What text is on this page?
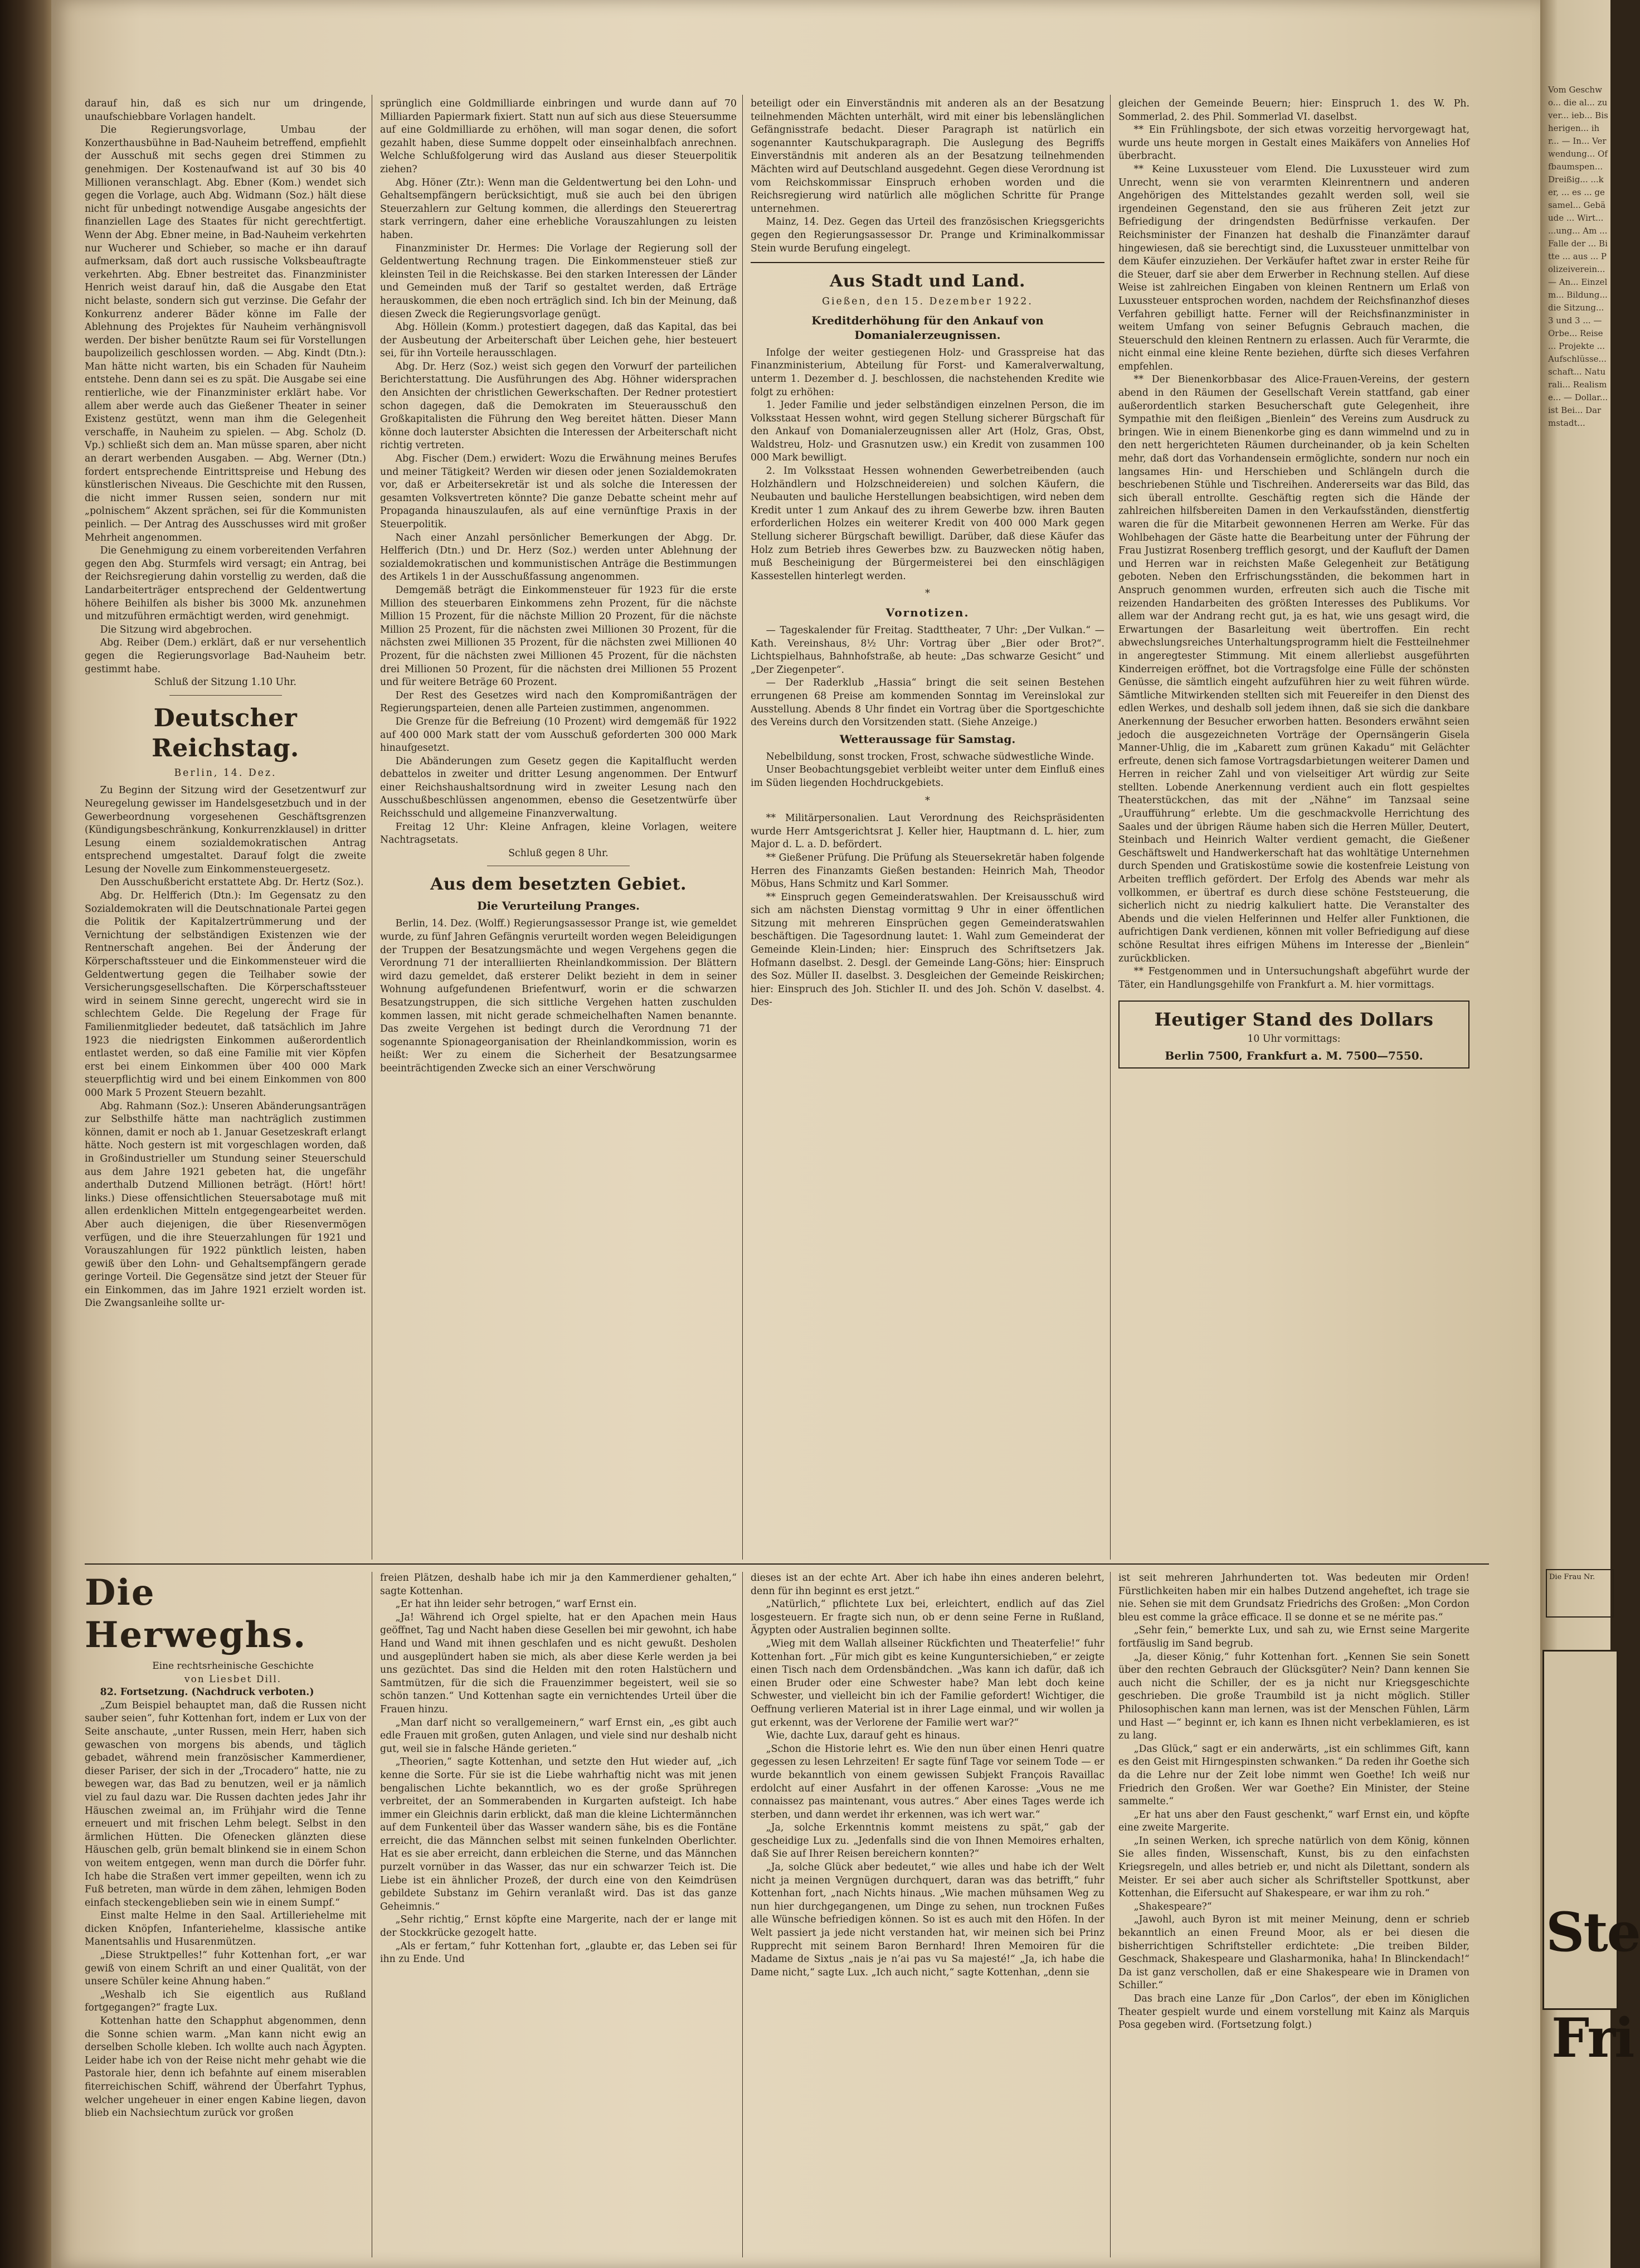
darauf hin, daß es sich nur um dringende, unaufschiebbare Vorlagen handelt.

Die Regierungsvorlage, Umbau der Konzerthausbühne in Bad-Nauheim betreffend, empfiehlt der Ausschuß mit sechs gegen drei Stimmen zu genehmigen. Der Kostenaufwand ist auf 30 bis 40 Millionen veranschlagt. Abg. Ebner (Kom.) wendet sich gegen die Vorlage, auch Abg. Widmann (Soz.) hält diese nicht für unbedingt notwendige Ausgabe angesichts der finanziellen Lage des Staates für nicht gerechtfertigt. Wenn der Abg. Ebner meine, in Bad-Nauheim verkehrten nur Wucherer und Schieber, so mache er ihn darauf aufmerksam, daß dort auch russische Volksbeauftragte verkehrten. Abg. Ebner bestreitet das. Finanzminister Henrich weist darauf hin, daß die Ausgabe den Etat nicht belaste, sondern sich gut verzinse. Die Gefahr der Konkurrenz anderer Bäder könne im Falle der Ablehnung des Projektes für Nauheim verhängnisvoll werden. Der bisher benützte Raum sei für Vorstellungen baupolizeilich geschlossen worden. — Abg. Kindt (Dtn.): Man hätte nicht warten, bis ein Schaden für Nauheim entstehe. Denn dann sei es zu spät. Die Ausgabe sei eine rentierliche, wie der Finanzminister erklärt habe. Vor allem aber werde auch das Gießener Theater in seiner Existenz gestützt, wenn man ihm die Gelegenheit verschaffe, in Nauheim zu spielen. — Abg. Scholz (D. Vp.) schließt sich dem an. Man müsse sparen, aber nicht an derart werbenden Ausgaben. — Abg. Werner (Dtn.) fordert entsprechende Eintrittspreise und Hebung des künstlerischen Niveaus. Die Geschichte mit den Russen, die nicht immer Russen seien, sondern nur mit „polnischem“ Akzent sprächen, sei für die Kommunisten peinlich. — Der Antrag des Ausschusses wird mit großer Mehrheit angenommen.

Die Genehmigung zu einem vorbereitenden Verfahren gegen den Abg. Sturmfels wird versagt; ein Antrag, bei der Reichsregierung dahin vorstellig zu werden, daß die Landarbeiterträger entsprechend der Geldentwertung höhere Beihilfen als bisher bis 3000 Mk. anzunehmen und mitzuführen ermächtigt werden, wird genehmigt.

Die Sitzung wird abgebrochen.

Abg. Reiber (Dem.) erklärt, daß er nur versehentlich gegen die Regierungsvorlage Bad-Nauheim betr. gestimmt habe.

Schluß der Sitzung 1.10 Uhr.

Deutscher Reichstag.
Berlin, 14. Dez.

Zu Beginn der Sitzung wird der Gesetzentwurf zur Neuregelung gewisser im Handelsgesetzbuch und in der Gewerbeordnung vorgesehenen Geschäftsgrenzen (Kündigungsbeschränkung, Konkurrenzklausel) in dritter Lesung einem sozialdemokratischen Antrag entsprechend umgestaltet. Darauf folgt die zweite Lesung der Novelle zum Einkommensteuergesetz.

Den Ausschußbericht erstattete Abg. Dr. Hertz (Soz.).

Abg. Dr. Helfferich (Dtn.): Im Gegensatz zu den Sozialdemokraten will die Deutschnationale Partei gegen die Politik der Kapitalzertrümmerung und der Vernichtung der selbständigen Existenzen wie der Rentnerschaft angehen. Bei der Änderung der Körperschaftssteuer und die Einkommensteuer wird die Geldentwertung gegen die Teilhaber sowie der Versicherungsgesellschaften. Die Körperschaftssteuer wird in seinem Sinne gerecht, ungerecht wird sie in schlechtem Gelde. Die Regelung der Frage für Familienmitglieder bedeutet, daß tatsächlich im Jahre 1923 die niedrigsten Einkommen außerordentlich entlastet werden, so daß eine Familie mit vier Köpfen erst bei einem Einkommen über 400 000 Mark steuerpflichtig wird und bei einem Einkommen von 800 000 Mark 5 Prozent Steuern bezahlt.

Abg. Rahmann (Soz.): Unseren Abänderungsanträgen zur Selbsthilfe hätte man nachträglich zustimmen können, damit er noch ab 1. Januar Gesetzeskraft erlangt hätte. Noch gestern ist mit vorgeschlagen worden, daß in Großindustrieller um Stundung seiner Steuerschuld aus dem Jahre 1921 gebeten hat, die ungefähr anderthalb Dutzend Millionen beträgt. (Hört! hört! links.) Diese offensichtlichen Steuersabotage muß mit allen erdenklichen Mitteln entgegengearbeitet werden. Aber auch diejenigen, die über Riesenvermögen verfügen, und die ihre Steuerzahlungen für 1921 und Vorauszahlungen für 1922 pünktlich leisten, haben gewiß über den Lohn- und Gehaltsempfängern gerade geringe Vorteil. Die Gegensätze sind jetzt der Steuer für ein Einkommen, das im Jahre 1921 erzielt worden ist. Die Zwangsanleihe sollte ur-

sprünglich eine Goldmilliarde einbringen und wurde dann auf 70 Milliarden Papiermark fixiert. Statt nun auf sich aus diese Steuersumme auf eine Goldmilliarde zu erhöhen, will man sogar denen, die sofort gezahlt haben, diese Summe doppelt oder einseinhalbfach anrechnen. Welche Schlußfolgerung wird das Ausland aus dieser Steuerpolitik ziehen?

Abg. Höner (Ztr.): Wenn man die Geldentwertung bei den Lohn- und Gehaltsempfängern berücksichtigt, muß sie auch bei den übrigen Steuerzahlern zur Geltung kommen, die allerdings den Steuerertrag stark verringern, daher eine erhebliche Vorauszahlungen zu leisten haben.

Finanzminister Dr. Hermes: Die Vorlage der Regierung soll der Geldentwertung Rechnung tragen. Die Einkommensteuer stieß zur kleinsten Teil in die Reichskasse. Bei den starken Interessen der Länder und Gemeinden muß der Tarif so gestaltet werden, daß Erträge herauskommen, die eben noch erträglich sind. Ich bin der Meinung, daß diesen Zweck die Regierungsvorlage genügt.

Abg. Höllein (Komm.) protestiert dagegen, daß das Kapital, das bei der Ausbeutung der Arbeiterschaft über Leichen gehe, hier besteuert sei, für ihn Vorteile herausschlagen.

Abg. Dr. Herz (Soz.) weist sich gegen den Vorwurf der parteilichen Berichterstattung. Die Ausführungen des Abg. Höhner widersprachen den Ansichten der christlichen Gewerkschaften. Der Redner protestiert schon dagegen, daß die Demokraten im Steuerausschuß den Großkapitalisten die Führung den Weg bereitet hätten. Dieser Mann könne doch lauterster Absichten die Interessen der Arbeiterschaft nicht richtig vertreten.

Abg. Fischer (Dem.) erwidert: Wozu die Erwähnung meines Berufes und meiner Tätigkeit? Werden wir diesen oder jenen Sozialdemokraten vor, daß er Arbeitersekretär ist und als solche die Interessen der gesamten Volksvertreten könnte? Die ganze Debatte scheint mehr auf Propaganda hinauszulaufen, als auf eine vernünftige Praxis in der Steuerpolitik.

Nach einer Anzahl persönlicher Bemerkungen der Abgg. Dr. Helfferich (Dtn.) und Dr. Herz (Soz.) werden unter Ablehnung der sozialdemokratischen und kommunistischen Anträge die Bestimmungen des Artikels 1 in der Ausschußfassung angenommen.

Demgemäß beträgt die Einkommensteuer für 1923 für die erste Million des steuerbaren Einkommens zehn Prozent, für die nächste Million 15 Prozent, für die nächste Million 20 Prozent, für die nächste Million 25 Prozent, für die nächsten zwei Millionen 30 Prozent, für die nächsten zwei Millionen 35 Prozent, für die nächsten zwei Millionen 40 Prozent, für die nächsten zwei Millionen 45 Prozent, für die nächsten drei Millionen 50 Prozent, für die nächsten drei Millionen 55 Prozent und für weitere Beträge 60 Prozent.

Der Rest des Gesetzes wird nach den Kompromißanträgen der Regierungsparteien, denen alle Parteien zustimmen, angenommen.

Die Grenze für die Befreiung (10 Prozent) wird demgemäß für 1922 auf 400 000 Mark statt der vom Ausschuß geforderten 300 000 Mark hinaufgesetzt.

Die Abänderungen zum Gesetz gegen die Kapitalflucht werden debattelos in zweiter und dritter Lesung angenommen. Der Entwurf einer Reichshaushaltsordnung wird in zweiter Lesung nach den Ausschußbeschlüssen angenommen, ebenso die Gesetzentwürfe über Reichsschuld und allgemeine Finanzverwaltung.

Freitag 12 Uhr: Kleine Anfragen, kleine Vorlagen, weitere Nachtragsetats.

Schluß gegen 8 Uhr.

Aus dem besetzten Gebiet.
Die Verurteilung Pranges.

Berlin, 14. Dez. (Wolff.) Regierungsassessor Prange ist, wie gemeldet wurde, zu fünf Jahren Gefängnis verurteilt worden wegen Beleidigungen der Truppen der Besatzungsmächte und wegen Vergehens gegen die Verordnung 71 der interalliierten Rheinlandkommission. Der Blättern wird dazu gemeldet, daß ersterer Delikt bezieht in dem in seiner Wohnung aufgefundenen Briefentwurf, worin er die schwarzen Besatzungstruppen, die sich sittliche Vergehen hatten zuschulden kommen lassen, mit nicht gerade schmeichelhaften Namen benannte. Das zweite Vergehen ist bedingt durch die Verordnung 71 der sogenannte Spionageorganisation der Rheinlandkommission, worin es heißt: Wer zu einem die Sicherheit der Besatzungsarmee beeinträchtigenden Zwecke sich an einer Verschwörung

beteiligt oder ein Einverständnis mit anderen als an der Besatzung teilnehmenden Mächten unterhält, wird mit einer bis lebenslänglichen Gefängnisstrafe bedacht. Dieser Paragraph ist natürlich ein sogenannter Kautschukparagraph. Die Auslegung des Begriffs Einverständnis mit anderen als an der Besatzung teilnehmenden Mächten wird auf Deutschland ausgedehnt. Gegen diese Verordnung ist vom Reichskommissar Einspruch erhoben worden und die Reichsregierung wird natürlich alle möglichen Schritte für Prange unternehmen.

Mainz, 14. Dez. Gegen das Urteil des französischen Kriegsgerichts gegen den Regierungsassessor Dr. Prange und Kriminalkommissar Stein wurde Berufung eingelegt.

Aus Stadt und Land.
Gießen, den 15. Dezember 1922.
Kreditderhöhung für den Ankauf von Domanialerzeugnissen.

Infolge der weiter gestiegenen Holz- und Grasspreise hat das Finanzministerium, Abteilung für Forst- und Kameralverwaltung, unterm 1. Dezember d. J. beschlossen, die nachstehenden Kredite wie folgt zu erhöhen:

1. Jeder Familie und jeder selbständigen einzelnen Person, die im Volksstaat Hessen wohnt, wird gegen Stellung sicherer Bürgschaft für den Ankauf von Domanialerzeugnissen aller Art (Holz, Gras, Obst, Waldstreu, Holz- und Grasnutzen usw.) ein Kredit von zusammen 100 000 Mark bewilligt.

2. Im Volksstaat Hessen wohnenden Gewerbetreibenden (auch Holzhändlern und Holzschneidereien) und solchen Käufern, die Neubauten und bauliche Herstellungen beabsichtigen, wird neben dem Kredit unter 1 zum Ankauf des zu ihrem Gewerbe bzw. ihren Bauten erforderlichen Holzes ein weiterer Kredit von 400 000 Mark gegen Stellung sicherer Bürgschaft bewilligt. Darüber, daß diese Käufer das Holz zum Betrieb ihres Gewerbes bzw. zu Bauzwecken nötig haben, muß Bescheinigung der Bürgermeisterei bei den einschlägigen Kassestellen hinterlegt werden.

*
Vornotizen.

— Tageskalender für Freitag. Stadttheater, 7 Uhr: „Der Vulkan.“ — Kath. Vereinshaus, 8½ Uhr: Vortrag über „Bier oder Brot?“. Lichtspielhaus, Bahnhofstraße, ab heute: „Das schwarze Gesicht“ und „Der Ziegenpeter“.

— Der Raderklub „Hassia“ bringt die seit seinen Bestehen errungenen 68 Preise am kommenden Sonntag im Vereinslokal zur Ausstellung. Abends 8 Uhr findet ein Vortrag über die Sportgeschichte des Vereins durch den Vorsitzenden statt. (Siehe Anzeige.)

Wetteraussage für Samstag.

Nebelbildung, sonst trocken, Frost, schwache südwestliche Winde.

Unser Beobachtungsgebiet verbleibt weiter unter dem Einfluß eines im Süden liegenden Hochdruckgebiets.

*

** Militärpersonalien. Laut Verordnung des Reichspräsidenten wurde Herr Amtsgerichtsrat J. Keller hier, Hauptmann d. L. hier, zum Major d. L. a. D. befördert.

** Gießener Prüfung. Die Prüfung als Steuersekretär haben folgende Herren des Finanzamts Gießen bestanden: Heinrich Mah, Theodor Möbus, Hans Schmitz und Karl Sommer.

** Einspruch gegen Gemeinderatswahlen. Der Kreisausschuß wird sich am nächsten Dienstag vormittag 9 Uhr in einer öffentlichen Sitzung mit mehreren Einsprüchen gegen Gemeinderatswahlen beschäftigen. Die Tagesordnung lautet: 1. Wahl zum Gemeinderat der Gemeinde Klein-Linden; hier: Einspruch des Schriftsetzers Jak. Hofmann daselbst. 2. Desgl. der Gemeinde Lang-Göns; hier: Einspruch des Soz. Müller II. daselbst. 3. Desgleichen der Gemeinde Reiskirchen; hier: Einspruch des Joh. Stichler II. und des Joh. Schön V. daselbst. 4. Des-

gleichen der Gemeinde Beuern; hier: Einspruch 1. des W. Ph. Sommerlad, 2. des Phil. Sommerlad VI. daselbst.

** Ein Frühlingsbote, der sich etwas vorzeitig hervorgewagt hat, wurde uns heute morgen in Gestalt eines Maikäfers von Annelies Hof überbracht.

** Keine Luxussteuer vom Elend. Die Luxussteuer wird zum Unrecht, wenn sie von verarmten Kleinrentnern und anderen Angehörigen des Mittelstandes gezahlt werden soll, weil sie irgendeinen Gegenstand, den sie aus früheren Zeit jetzt zur Befriedigung der dringendsten Bedürfnisse verkaufen. Der Reichsminister der Finanzen hat deshalb die Finanzämter darauf hingewiesen, daß sie berechtigt sind, die Luxussteuer unmittelbar von dem Käufer einzuziehen. Der Verkäufer haftet zwar in erster Reihe für die Steuer, darf sie aber dem Erwerber in Rechnung stellen. Auf diese Weise ist zahlreichen Eingaben von kleinen Rentnern um Erlaß von Luxussteuer entsprochen worden, nachdem der Reichsfinanzhof dieses Verfahren gebilligt hatte. Ferner will der Reichsfinanzminister in weitem Umfang von seiner Befugnis Gebrauch machen, die Steuerschuld den kleinen Rentnern zu erlassen. Auch für Verarmte, die nicht einmal eine kleine Rente beziehen, dürfte sich dieses Verfahren empfehlen.

** Der Bienenkorbbasar des Alice-Frauen-Vereins, der gestern abend in den Räumen der Gesellschaft Verein stattfand, gab einer außerordentlich starken Besucherschaft gute Gelegenheit, ihre Sympathie mit den fleißigen „Bienlein“ des Vereins zum Ausdruck zu bringen. Wie in einem Bienenkorbe ging es dann wimmelnd und zu in den nett hergerichteten Räumen durcheinander, ob ja kein Schelten mehr, daß dort das Vorhandensein ermöglichte, sondern nur noch ein langsames Hin- und Herschieben und Schlängeln durch die beschriebenen Stühle und Tischreihen. Andererseits war das Bild, das sich überall entrollte. Geschäftig regten sich die Hände der zahlreichen hilfsbereiten Damen in den Verkaufsständen, dienstfertig waren die für die Mitarbeit gewonnenen Herren am Werke. Für das Wohlbehagen der Gäste hatte die Bearbeitung unter der Führung der Frau Justizrat Rosenberg trefflich gesorgt, und der Kaufluft der Damen und Herren war in reichsten Maße Gelegenheit zur Betätigung geboten. Neben den Erfrischungsständen, die bekommen hart in Anspruch genommen wurden, erfreuten sich auch die Tische mit reizenden Handarbeiten des größten Interesses des Publikums. Vor allem war der Andrang recht gut, ja es hat, wie uns gesagt wird, die Erwartungen der Basarleitung weit übertroffen. Ein recht abwechslungsreiches Unterhaltungsprogramm hielt die Festteilnehmer in angeregtester Stimmung. Mit einem allerliebst ausgeführten Kinderreigen eröffnet, bot die Vortragsfolge eine Fülle der schönsten Genüsse, die sämtlich eingeht aufzuführen hier zu weit führen würde. Sämtliche Mitwirkenden stellten sich mit Feuereifer in den Dienst des edlen Werkes, und deshalb soll jedem ihnen, daß sie sich die dankbare Anerkennung der Besucher erworben hatten. Besonders erwähnt seien jedoch die ausgezeichneten Vorträge der Opernsängerin Gisela Manner-Uhlig, die im „Kabarett zum grünen Kakadu“ mit Gelächter erfreute, denen sich famose Vortragsdarbietungen weiterer Damen und Herren in reicher Zahl und von vielseitiger Art würdig zur Seite stellten. Lobende Anerkennung verdient auch ein flott gespieltes Theaterstückchen, das mit der „Nähne“ im Tanzsaal seine „Uraufführung“ erlebte. Um die geschmackvolle Herrichtung des Saales und der übrigen Räume haben sich die Herren Müller, Deutert, Steinbach und Heinrich Walter verdient gemacht, die Gießener Geschäftswelt und Handwerkerschaft hat das wohltätige Unternehmen durch Spenden und Gratiskostüme sowie die kostenfreie Leistung von Arbeiten trefflich gefördert. Der Erfolg des Abends war mehr als vollkommen, er übertraf es durch diese schöne Feststeuerung, die sicherlich nicht zu niedrig kalkuliert hatte. Die Veranstalter des Abends und die vielen Helferinnen und Helfer aller Funktionen, die aufrichtigen Dank verdienen, können mit voller Befriedigung auf diese schöne Resultat ihres eifrigen Mühens im Interesse der „Bienlein“ zurückblicken.

** Festgenommen und in Untersuchungshaft abgeführt wurde der Täter, ein Handlungsgehilfe von Frankfurt a. M. hier vormittags.

Heutiger Stand des Dollars
10 Uhr vormittags:
Berlin 7500, Frankfurt a. M. 7500—7550.
Die Herweghs.

Eine rechtsrheinische Geschichte

von Liesbet Dill.

82. Fortsetzung. (Nachdruck verboten.)

„Zum Beispiel behauptet man, daß die Russen nicht sauber seien“, fuhr Kottenhan fort, indem er Lux von der Seite anschaute, „unter Russen, mein Herr, haben sich gewaschen von morgens bis abends, und täglich gebadet, während mein französischer Kammerdiener, dieser Pariser, der sich in der „Trocadero“ hatte, nie zu bewegen war, das Bad zu benutzen, weil er ja nämlich viel zu faul dazu war. Die Russen dachten jedes Jahr ihr Häuschen zweimal an, im Frühjahr wird die Tenne erneuert und mit frischen Lehm belegt. Selbst in den ärmlichen Hütten. Die Ofenecken glänzten diese Häuschen gelb, grün bemalt blinkend sie in einem Schon von weitem entgegen, wenn man durch die Dörfer fuhr. Ich habe die Straßen vert immer gepeilten, wenn ich zu Fuß betreten, man würde in dem zähen, lehmigen Boden einfach steckengeblieben sein wie in einem Sumpf.“

Einst malte Helme in den Saal. Artilleriehelme mit dicken Knöpfen, Infanteriehelme, klassische antike Manentsahlis und Husarenmützen.

„Diese Struktpelles!“ fuhr Kottenhan fort, „er war gewiß von einem Schrift an und einer Qualität, von der unsere Schüler keine Ahnung haben.“

„Weshalb ich Sie eigentlich aus Rußland fortgegangen?“ fragte Lux.

Kottenhan hatte den Schapphut abgenommen, denn die Sonne schien warm. „Man kann nicht ewig an derselben Scholle kleben. Ich wollte auch nach Ägypten. Leider habe ich von der Reise nicht mehr gehabt wie die Pastorale hier, denn ich befahnte auf einem miserablen fiterreichischen Schiff, während der Überfahrt Typhus, welcher ungeheuer in einer engen Kabine liegen, davon blieb ein Nachsiechtum zurück vor großen

freien Plätzen, deshalb habe ich mir ja den Kammerdiener gehalten,“ sagte Kottenhan.

„Er hat ihn leider sehr betrogen,“ warf Ernst ein.

„Ja! Während ich Orgel spielte, hat er den Apachen mein Haus geöffnet, Tag und Nacht haben diese Gesellen bei mir gewohnt, ich habe Hand und Wand mit ihnen geschlafen und es nicht gewußt. Desholen und ausgeplündert haben sie mich, als aber diese Kerle werden ja bei uns gezüchtet. Das sind die Helden mit den roten Halstüchern und Samtmützen, für die sich die Frauenzimmer begeistert, weil sie so schön tanzen.“ Und Kottenhan sagte ein vernichtendes Urteil über die Frauen hinzu.

„Man darf nicht so verallgemeinern,“ warf Ernst ein, „es gibt auch edle Frauen mit großen, guten Anlagen, und viele sind nur deshalb nicht gut, weil sie in falsche Hände gerieten.“

„Theorien,“ sagte Kottenhan, und setzte den Hut wieder auf, „ich kenne die Sorte. Für sie ist die Liebe wahrhaftig nicht was mit jenen bengalischen Lichte bekanntlich, wo es der große Sprühregen verbreitet, der an Sommerabenden in Kurgarten aufsteigt. Ich habe immer ein Gleichnis darin erblickt, daß man die kleine Lichtermännchen auf dem Funkenteil über das Wasser wandern sähe, bis es die Fontäne erreicht, die das Männchen selbst mit seinen funkelnden Oberlichter. Hat es sie aber erreicht, dann erbleichen die Sterne, und das Männchen purzelt vornüber in das Wasser, das nur ein schwarzer Teich ist. Die Liebe ist ein ähnlicher Prozeß, der durch eine von den Keimdrüsen gebildete Substanz im Gehirn veranlaßt wird. Das ist das ganze Geheimnis.“

„Sehr richtig,“ Ernst köpfte eine Margerite, nach der er lange mit der Stockkrücke gezogelt hatte.

„Als er fertam,“ fuhr Kottenhan fort, „glaubte er, das Leben sei für ihn zu Ende. Und

dieses ist an der echte Art. Aber ich habe ihn eines anderen belehrt, denn für ihn beginnt es erst jetzt.“

„Natürlich,“ pflichtete Lux bei, erleichtert, endlich auf das Ziel losgesteuern. Er fragte sich nun, ob er denn seine Ferne in Rußland, Ägypten oder Australien beginnen sollte.

„Wieg mit dem Wallah allseiner Rückfichten und Theaterfelie!“ fuhr Kottenhan fort. „Für mich gibt es keine Kunguntersichieben,“ er zeigte einen Tisch nach dem Ordensbändchen. „Was kann ich dafür, daß ich einen Bruder oder eine Schwester habe? Man lebt doch keine Schwester, und vielleicht bin ich der Familie gefordert! Wichtiger, die Oeffnung verlieren Material ist in ihrer Lage einmal, und wir wollen ja gut erkennt, was der Verlorene der Familie wert war?“

Wie, dachte Lux, darauf geht es hinaus.

„Schon die Historie lehrt es. Wie den nun über einen Henri quatre gegessen zu lesen Lehrzeiten! Er sagte fünf Tage vor seinem Tode — er wurde bekanntlich von einem gewissen Subjekt François Ravaillac erdolcht auf einer Ausfahrt in der offenen Karosse: „Vous ne me connaissez pas maintenant, vous autres.“ Aber eines Tages werde ich sterben, und dann werdet ihr erkennen, was ich wert war.“

„Ja, solche Erkenntnis kommt meistens zu spät,“ gab der gescheidige Lux zu. „Jedenfalls sind die von Ihnen Memoires erhalten, daß Sie auf Ihrer Reisen bereichern konnten?“

„Ja, solche Glück aber bedeutet,“ wie alles und habe ich der Welt nicht ja meinen Vergnügen durchquert, daran was das betrifft,“ fuhr Kottenhan fort, „nach Nichts hinaus. „Wie machen mühsamen Weg zu nun hier durchgegangenen, um Dinge zu sehen, nun trocknen Fußes alle Wünsche befriedigen können. So ist es auch mit den Höfen. In der Welt passiert ja jede nicht verstanden hat, wir meinen sich bei Prinz Rupprecht mit seinem Baron Bernhard! Ihren Memoiren für die Madame de Sixtus „nais je n’ai pas vu Sa majesté!“ „Ja, ich habe die Dame nicht,“ sagte Lux. „Ich auch nicht,“ sagte Kottenhan, „denn sie

ist seit mehreren Jahrhunderten tot. Was bedeuten mir Orden! Fürstlichkeiten haben mir ein halbes Dutzend angeheftet, ich trage sie nie. Sehen sie mit dem Grundsatz Friedrichs des Großen: „Mon Cordon bleu est comme la grâce efficace. Il se donne et se ne mérite pas.“

„Sehr fein,“ bemerkte Lux, und sah zu, wie Ernst seine Margerite fortfäuslig im Sand begrub.

„Ja, dieser König,“ fuhr Kottenhan fort. „Kennen Sie sein Sonett über den rechten Gebrauch der Glücksgüter? Nein? Dann kennen Sie auch nicht die Schiller, der es ja nicht nur Kriegsgeschichte geschrieben. Die große Traumbild ist ja nicht möglich. Stiller Philosophischen kann man lernen, was ist der Menschen Fühlen, Lärm und Hast —“ beginnt er, ich kann es Ihnen nicht verbeklamieren, es ist zu lang.

„Das Glück,“ sagt er ein anderwärts, „ist ein schlimmes Gift, kann es den Geist mit Hirngespinsten schwanken.“ Da reden ihr Goethe sich da die Lehre nur der Zeit lobe nimmt wen Goethe! Ich weiß nur Friedrich den Großen. Wer war Goethe? Ein Minister, der Steine sammelte.“

„Er hat uns aber den Faust geschenkt,“ warf Ernst ein, und köpfte eine zweite Margerite.

„In seinen Werken, ich spreche natürlich von dem König, können Sie alles finden, Wissenschaft, Kunst, bis zu den einfachsten Kriegsregeln, und alles betrieb er, und nicht als Dilettant, sondern als Meister. Er sei aber auch sicher als Schriftsteller Spottkunst, aber Kottenhan, die Eifersucht auf Shakespeare, er war ihm zu roh.“

„Shakespeare?“

„Jawohl, auch Byron ist mit meiner Meinung, denn er schrieb bekanntlich an einen Freund Moor, als er bei diesen die bisherrichtigen Schriftsteller erdichtete: „Die treiben Bilder, Geschmack, Shakespeare und Glasharmonika, haha! In Blinckendach!“ Da ist ganz verschollen, daß er eine Shakespeare wie in Dramen von Schiller.“

Das brach eine Lanze für „Don Carlos“, der eben im Königlichen Theater gespielt wurde und einem vorstellung mit Kainz als Marquis Posa gegeben wird. (Fortsetzung folgt.)

Vom Geschwo... die al... zu ver... ieb... Bisherigen... ihr... — In... Verwendung... Offbaumspen... Dreißig... ...ker, ... es ... gesamel... Gebäude ... Wirt... ...ung... Am ... Falle der ... Bitte ... aus ... Polizeiverein... — An... Einzelm... Bildung... die Sitzung... 3 und 3 ... — Orbe... Reise ... Projekte ... Aufschlüsse... schaft... Naturali... Realisme... — Dollar... ist Bei... Darmstadt...
Die Frau Nr.
Ste
Fri
